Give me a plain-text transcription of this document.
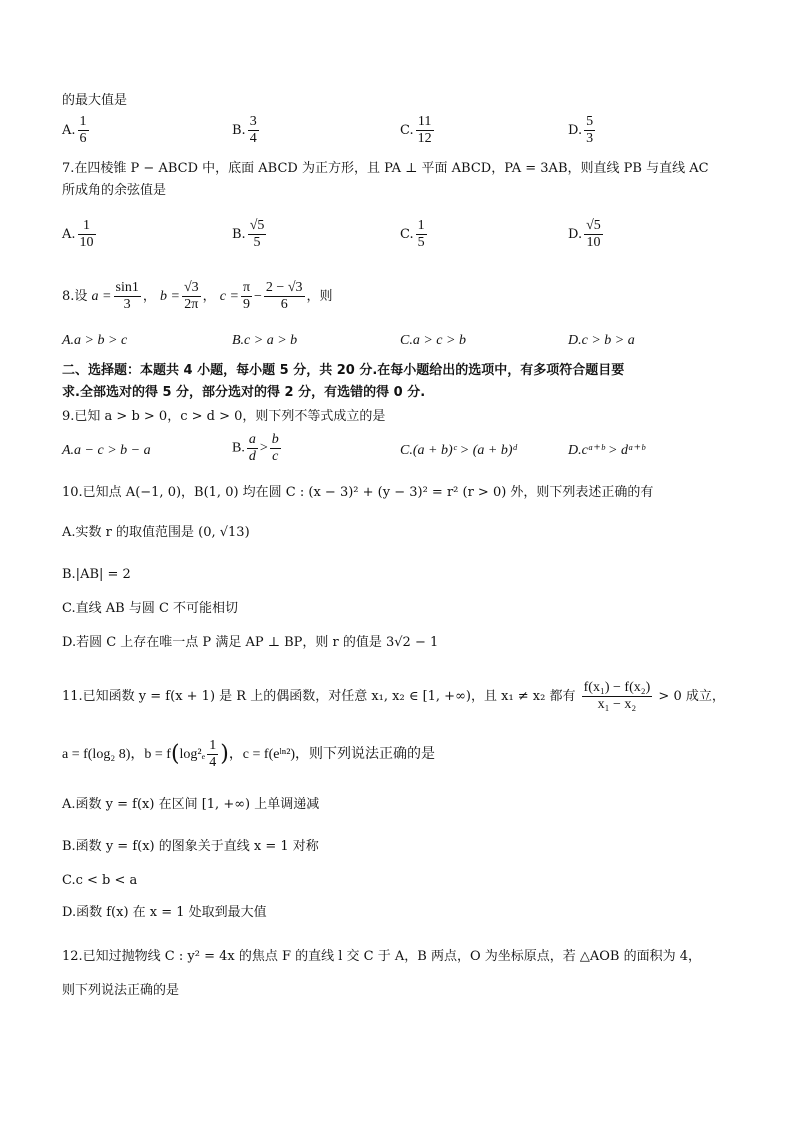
的最大值是
A. $\frac{1}{6}$	B. $\frac{3}{4}$	C. $\frac{11}{12}$	D. $\frac{5}{3}$
7.在四棱锥 P − ABCD 中，底面 ABCD 为正方形，且 PA ⊥ 平面 ABCD，PA = 3AB，则直线 PB 与直线 AC
所成角的余弦值是
A. $\frac{1}{10}$	B. $\frac{√5}{5}$	C. $\frac{1}{5}$	D. $\frac{√5}{10}$
8.设 $a = \frac{\sin 1}{3}$ ， $b = \frac{√3}{2\pi}$ ， $c = \frac{\pi}{9} - \frac{2 - √3}{6}$ ，则
A.a > b > c	B.c > a > b	C.a > c > b	D.c > b > a
二、选择题：本题共 4 小题，每小题 5 分，共 20 分.在每小题给出的选项中，有多项符合题目要
求.全部选对的得 5 分，部分选对的得 2 分，有选错的得 0 分.
9.已知 a > b > 0，c > d > 0，则下列不等式成立的是
A.a − c > b − a	B. $\frac{a}{d} > \frac{b}{c}$	C.(a + b)ᶜ > (a + b)ᵈ	D.cᵃ⁺ᵇ > dᵃ⁺ᵇ
10.已知点 A(−1, 0)，B(1, 0) 均在圆 C : (x − 3)² + (y − 3)² = r² (r > 0) 外，则下列表述正确的有
A.实数 r 的取值范围是 (0, √13)
B.|AB| = 2
C.直线 AB 与圆 C 不可能相切
D.若圆 C 上存在唯一点 P 满足 AP ⊥ BP，则 r 的值是 3√2 − 1
11.已知函数 y = f(x + 1) 是 R 上的偶函数，对任意 x₁, x₂ ∈ [1, +∞)，且 x₁ ≠ x₂ 都有 $\frac{\text{f(x₁) − f(x₂)}}{\text{x₁ − x₂}} > 0$ 成立，
a = f(log₂ 8)，$b = f(\log^2_e \frac{1}{4}$ )，c = f(eˡⁿ²)，则下列说法正确的是
A.函数 y = f(x) 在区间 [1, +∞) 上单调递减
B.函数 y = f(x) 的图象关于直线 x = 1 对称
C.c < b < a
D.函数 f(x) 在 x = 1 处取到最大值
12.已知过抛物线 C : y² = 4x 的焦点 F 的直线 l 交 C 于 A，B 两点，O 为坐标原点，若 △AOB 的面积为 4，
则下列说法正确的是
